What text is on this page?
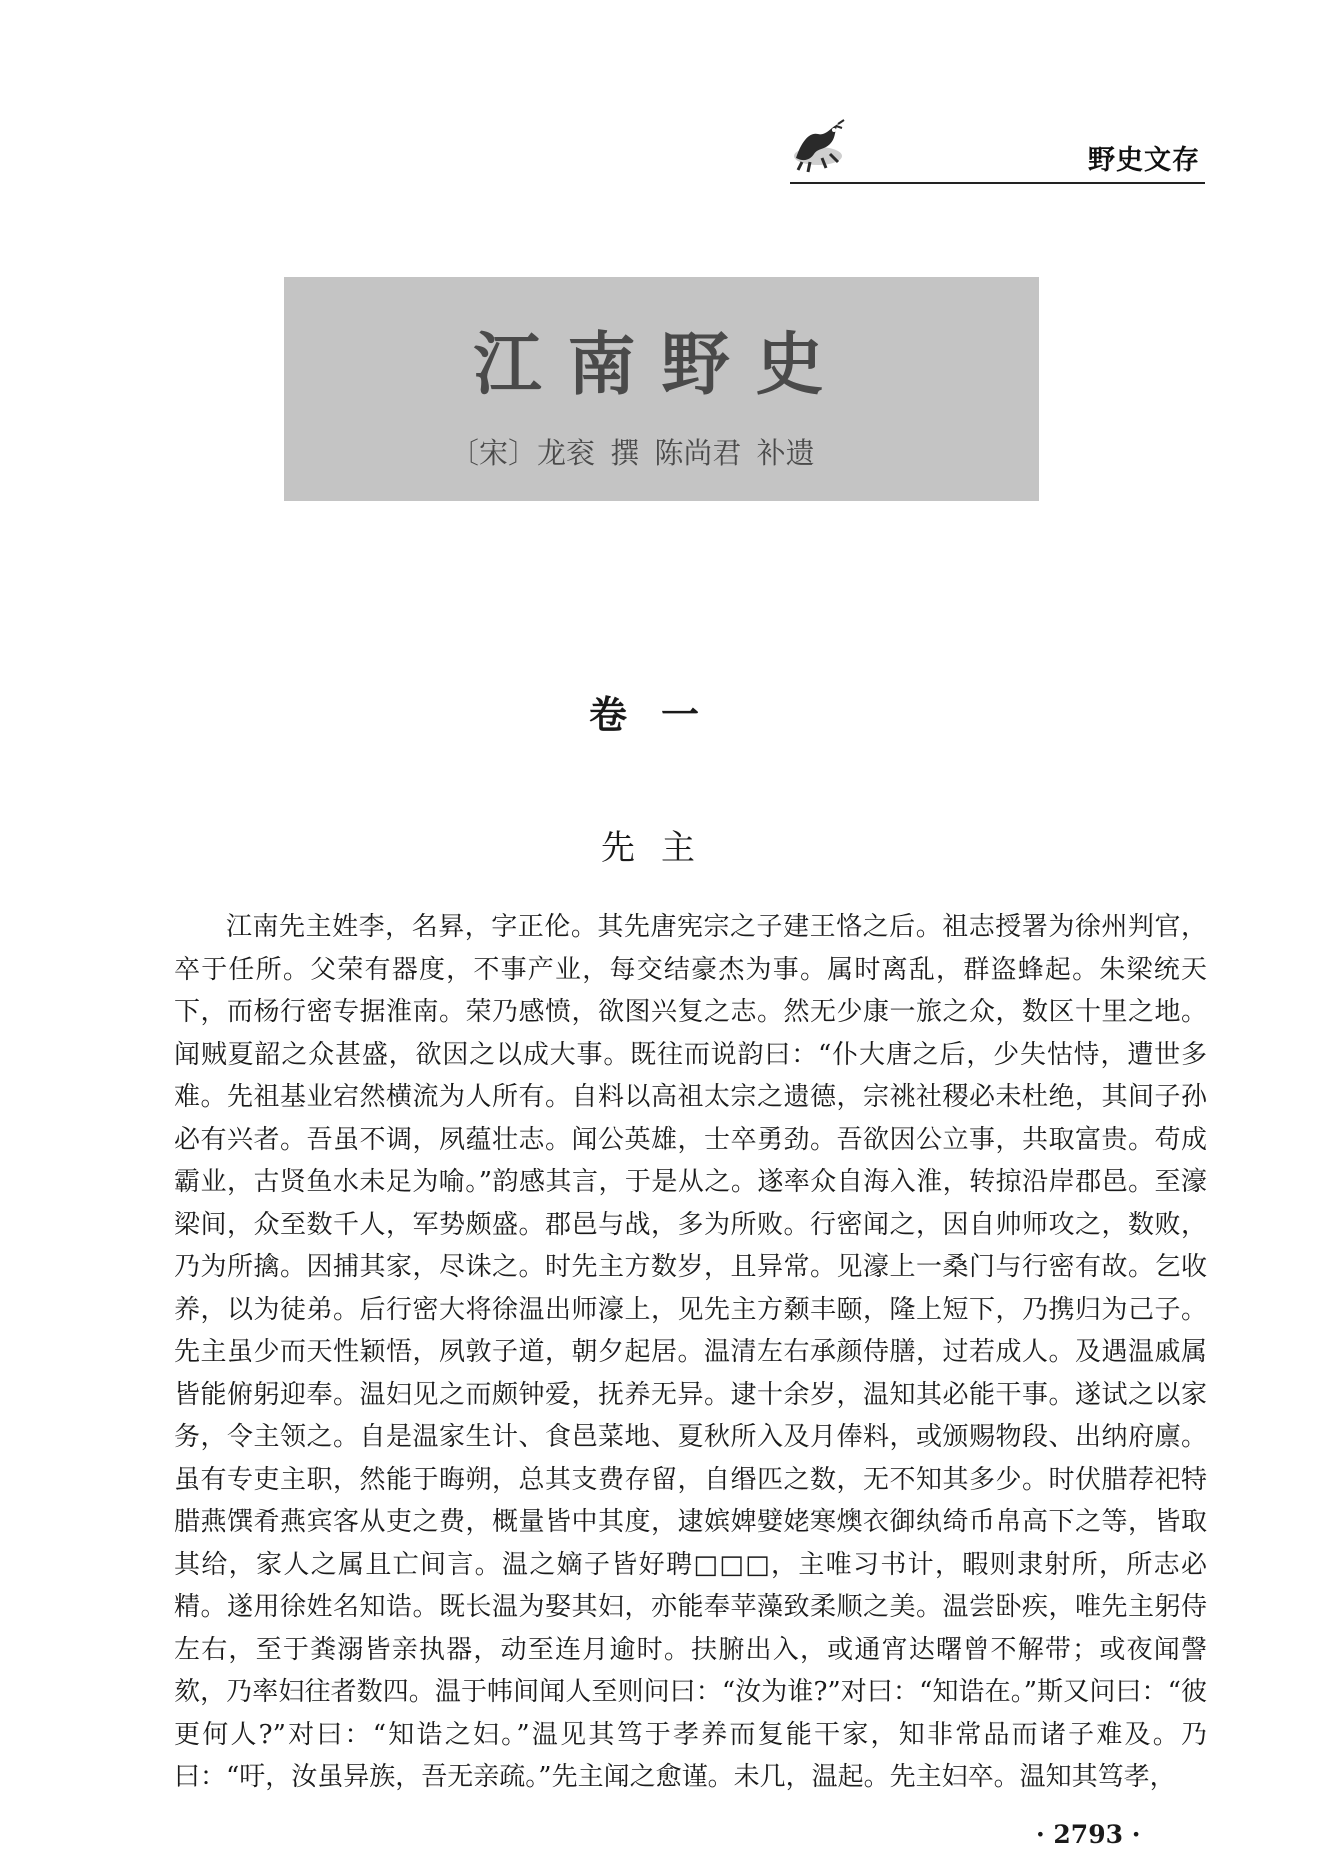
野史文存
江南野史
〔宋〕龙衮 撰 陈尚君 补遗
卷一
先主

江南先主姓李，名昪，字正伦。其先唐宪宗之子建王恪之后。祖志授署为徐州判官，卒于任所。父荣有器度，不事产业，每交结豪杰为事。属时离乱，群盗蜂起。朱梁统天下，而杨行密专据淮南。荣乃感愤，欲图兴复之志。然无少康一旅之众，数区十里之地。闻贼夏韶之众甚盛，欲因之以成大事。既往而说韵曰：“仆大唐之后，少失怙恃，遭世多难。先祖基业宕然横流为人所有。自料以高祖太宗之遗德，宗祧社稷必未杜绝，其间子孙必有兴者。吾虽不调，夙蕴壮志。闻公英雄，士卒勇劲。吾欲因公立事，共取富贵。苟成霸业，古贤鱼水未足为喻。”韵感其言，于是从之。遂率众自海入淮，转掠沿岸郡邑。至濠梁间，众至数千人，军势颇盛。郡邑与战，多为所败。行密闻之，因自帅师攻之，数败，乃为所擒。因捕其家，尽诛之。时先主方数岁，且异常。见濠上一桑门与行密有故。乞收养，以为徒弟。后行密大将徐温出师濠上，见先主方颡丰颐，隆上短下，乃携归为己子。先主虽少而天性颖悟，夙敦子道，朝夕起居。温清左右承颜侍膳，过若成人。及遇温戚属皆能俯躬迎奉。温妇见之而颇钟爱，抚养无异。逮十余岁，温知其必能干事。遂试之以家务，令主领之。自是温家生计、食邑菜地、夏秋所入及月俸料，或颁赐物段、出纳府廪。虽有专吏主职，然能于晦朔，总其支费存留，自缗匹之数，无不知其多少。时伏腊荐祀特腊燕馔肴燕宾客从吏之费，概量皆中其度，逮嫔婢嬖姥寒燠衣御纨绮币帛高下之等，皆取其给，家人之属且亡间言。温之嫡子皆好聘□□□，主唯习书计，暇则隶射所，所志必精。遂用徐姓名知诰。既长温为娶其妇，亦能奉苹藻致柔顺之美。温尝卧疾，唯先主躬侍左右，至于粪溺皆亲执器，动至连月逾时。扶腑出入，或通宵达曙曾不解带；或夜闻謦欬，乃率妇往者数四。温于帏间闻人至则问曰：“汝为谁?”对曰：“知诰在。”斯又问曰：“彼更何人?”对曰：“知诰之妇。”温见其笃于孝养而复能干家，知非常品而诸子难及。乃曰：“吁，汝虽异族，吾无亲疏。”先主闻之愈谨。未几，温起。先主妇卒。温知其笃孝，

· 2793 ·
